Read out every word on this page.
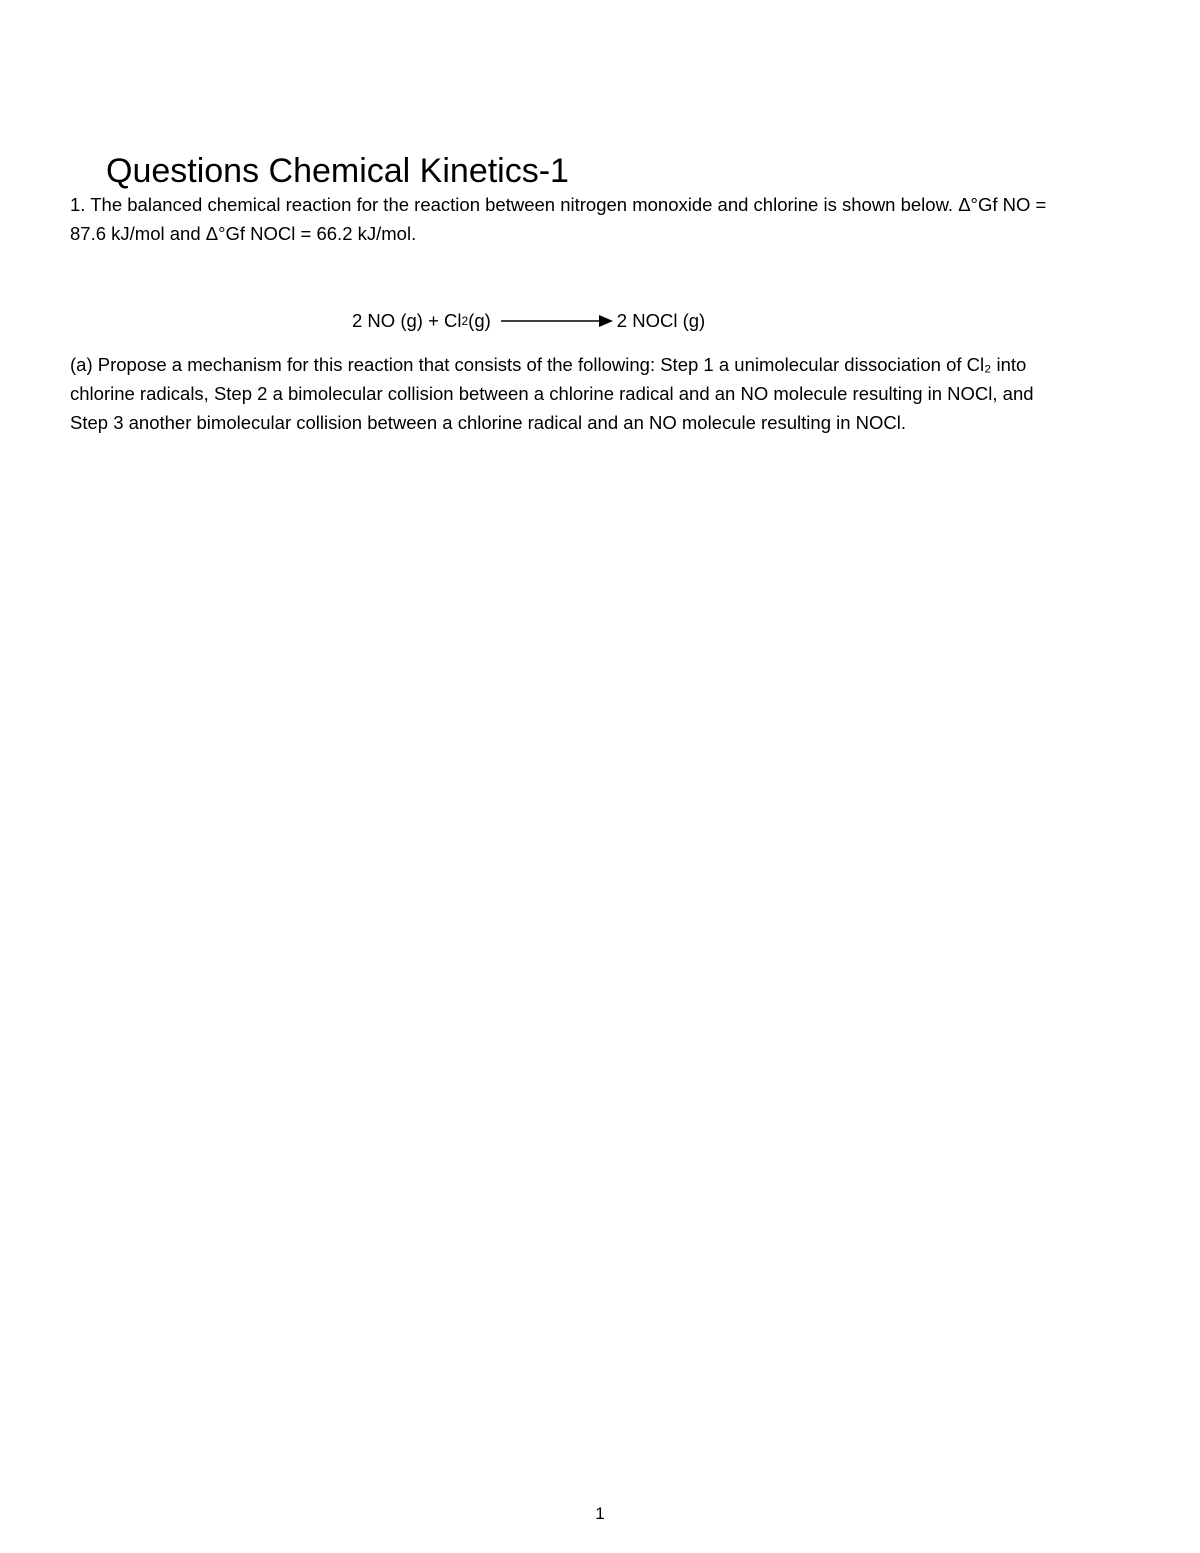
Questions Chemical Kinetics-1
1. The balanced chemical reaction for the reaction between nitrogen monoxide and chlorine is shown below. Δ°Gf NO =
87.6 kJ/mol and Δ°Gf NOCl = 66.2 kJ/mol.
2 NO (g) + Cl 2 (g)	2 NOCl (g)
(a) Propose a mechanism for this reaction that consists of the following: Step 1 a unimolecular dissociation of Cl₂ into
chlorine radicals, Step 2 a bimolecular collision between a chlorine radical and an NO molecule resulting in NOCl, and
Step 3 another bimolecular collision between a chlorine radical and an NO molecule resulting in NOCl.
1
